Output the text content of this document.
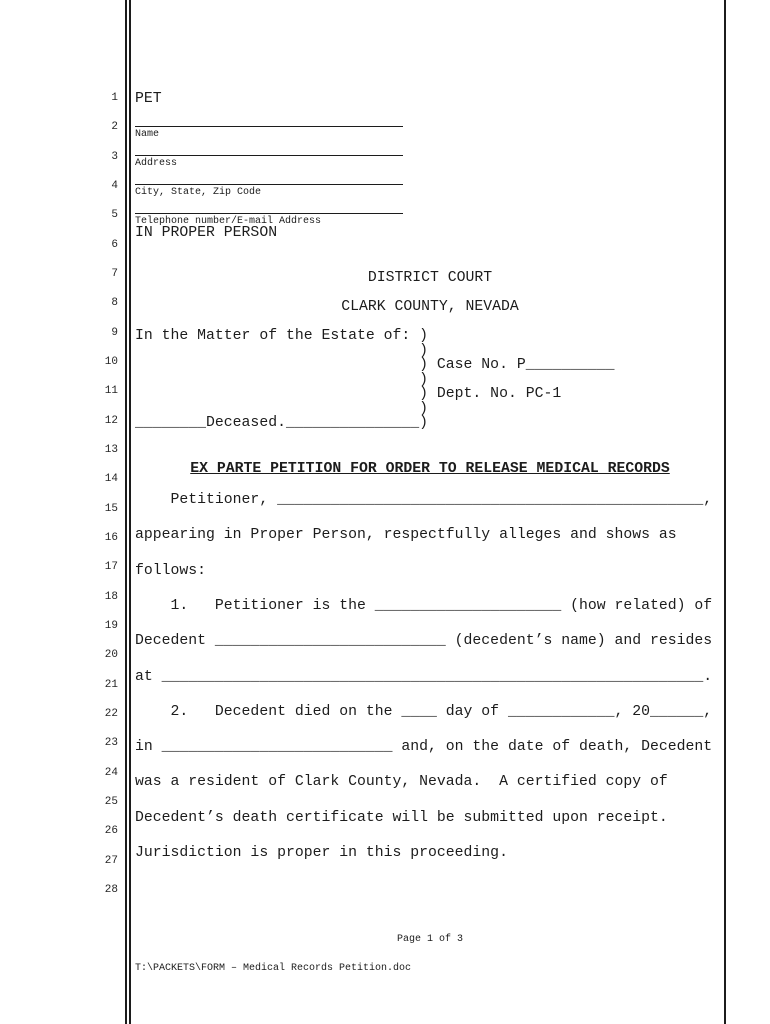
1
2
3
4
5
6
7
8
9
10
11
12
13
14
15
16
17
18
19
20
21
22
23
24
25
26
27
28
PET
Name
Address
City, State, Zip Code
Telephone number/E-mail Address
IN PROPER PERSON
DISTRICT COURT
CLARK COUNTY, NEVADA
In the Matter of the Estate of: )
)
) Case No. P__________
)
) Dept. No. PC-1
)
________Deceased._______________)
EX PARTE PETITION FOR ORDER TO RELEASE MEDICAL RECORDS
Petitioner, ________________________________________________,
appearing in Proper Person, respectfully alleges and shows as
follows:
1.   Petitioner is the _____________________ (how related) of
Decedent __________________________ (decedent’s name) and resides
at _____________________________________________________________.
2.   Decedent died on the ____ day of ____________, 20______,
in __________________________ and, on the date of death, Decedent
was a resident of Clark County, Nevada.  A certified copy of
Decedent’s death certificate will be submitted upon receipt.
Jurisdiction is proper in this proceeding.
Page 1 of 3
T:\PACKETS\FORM – Medical Records Petition.doc
